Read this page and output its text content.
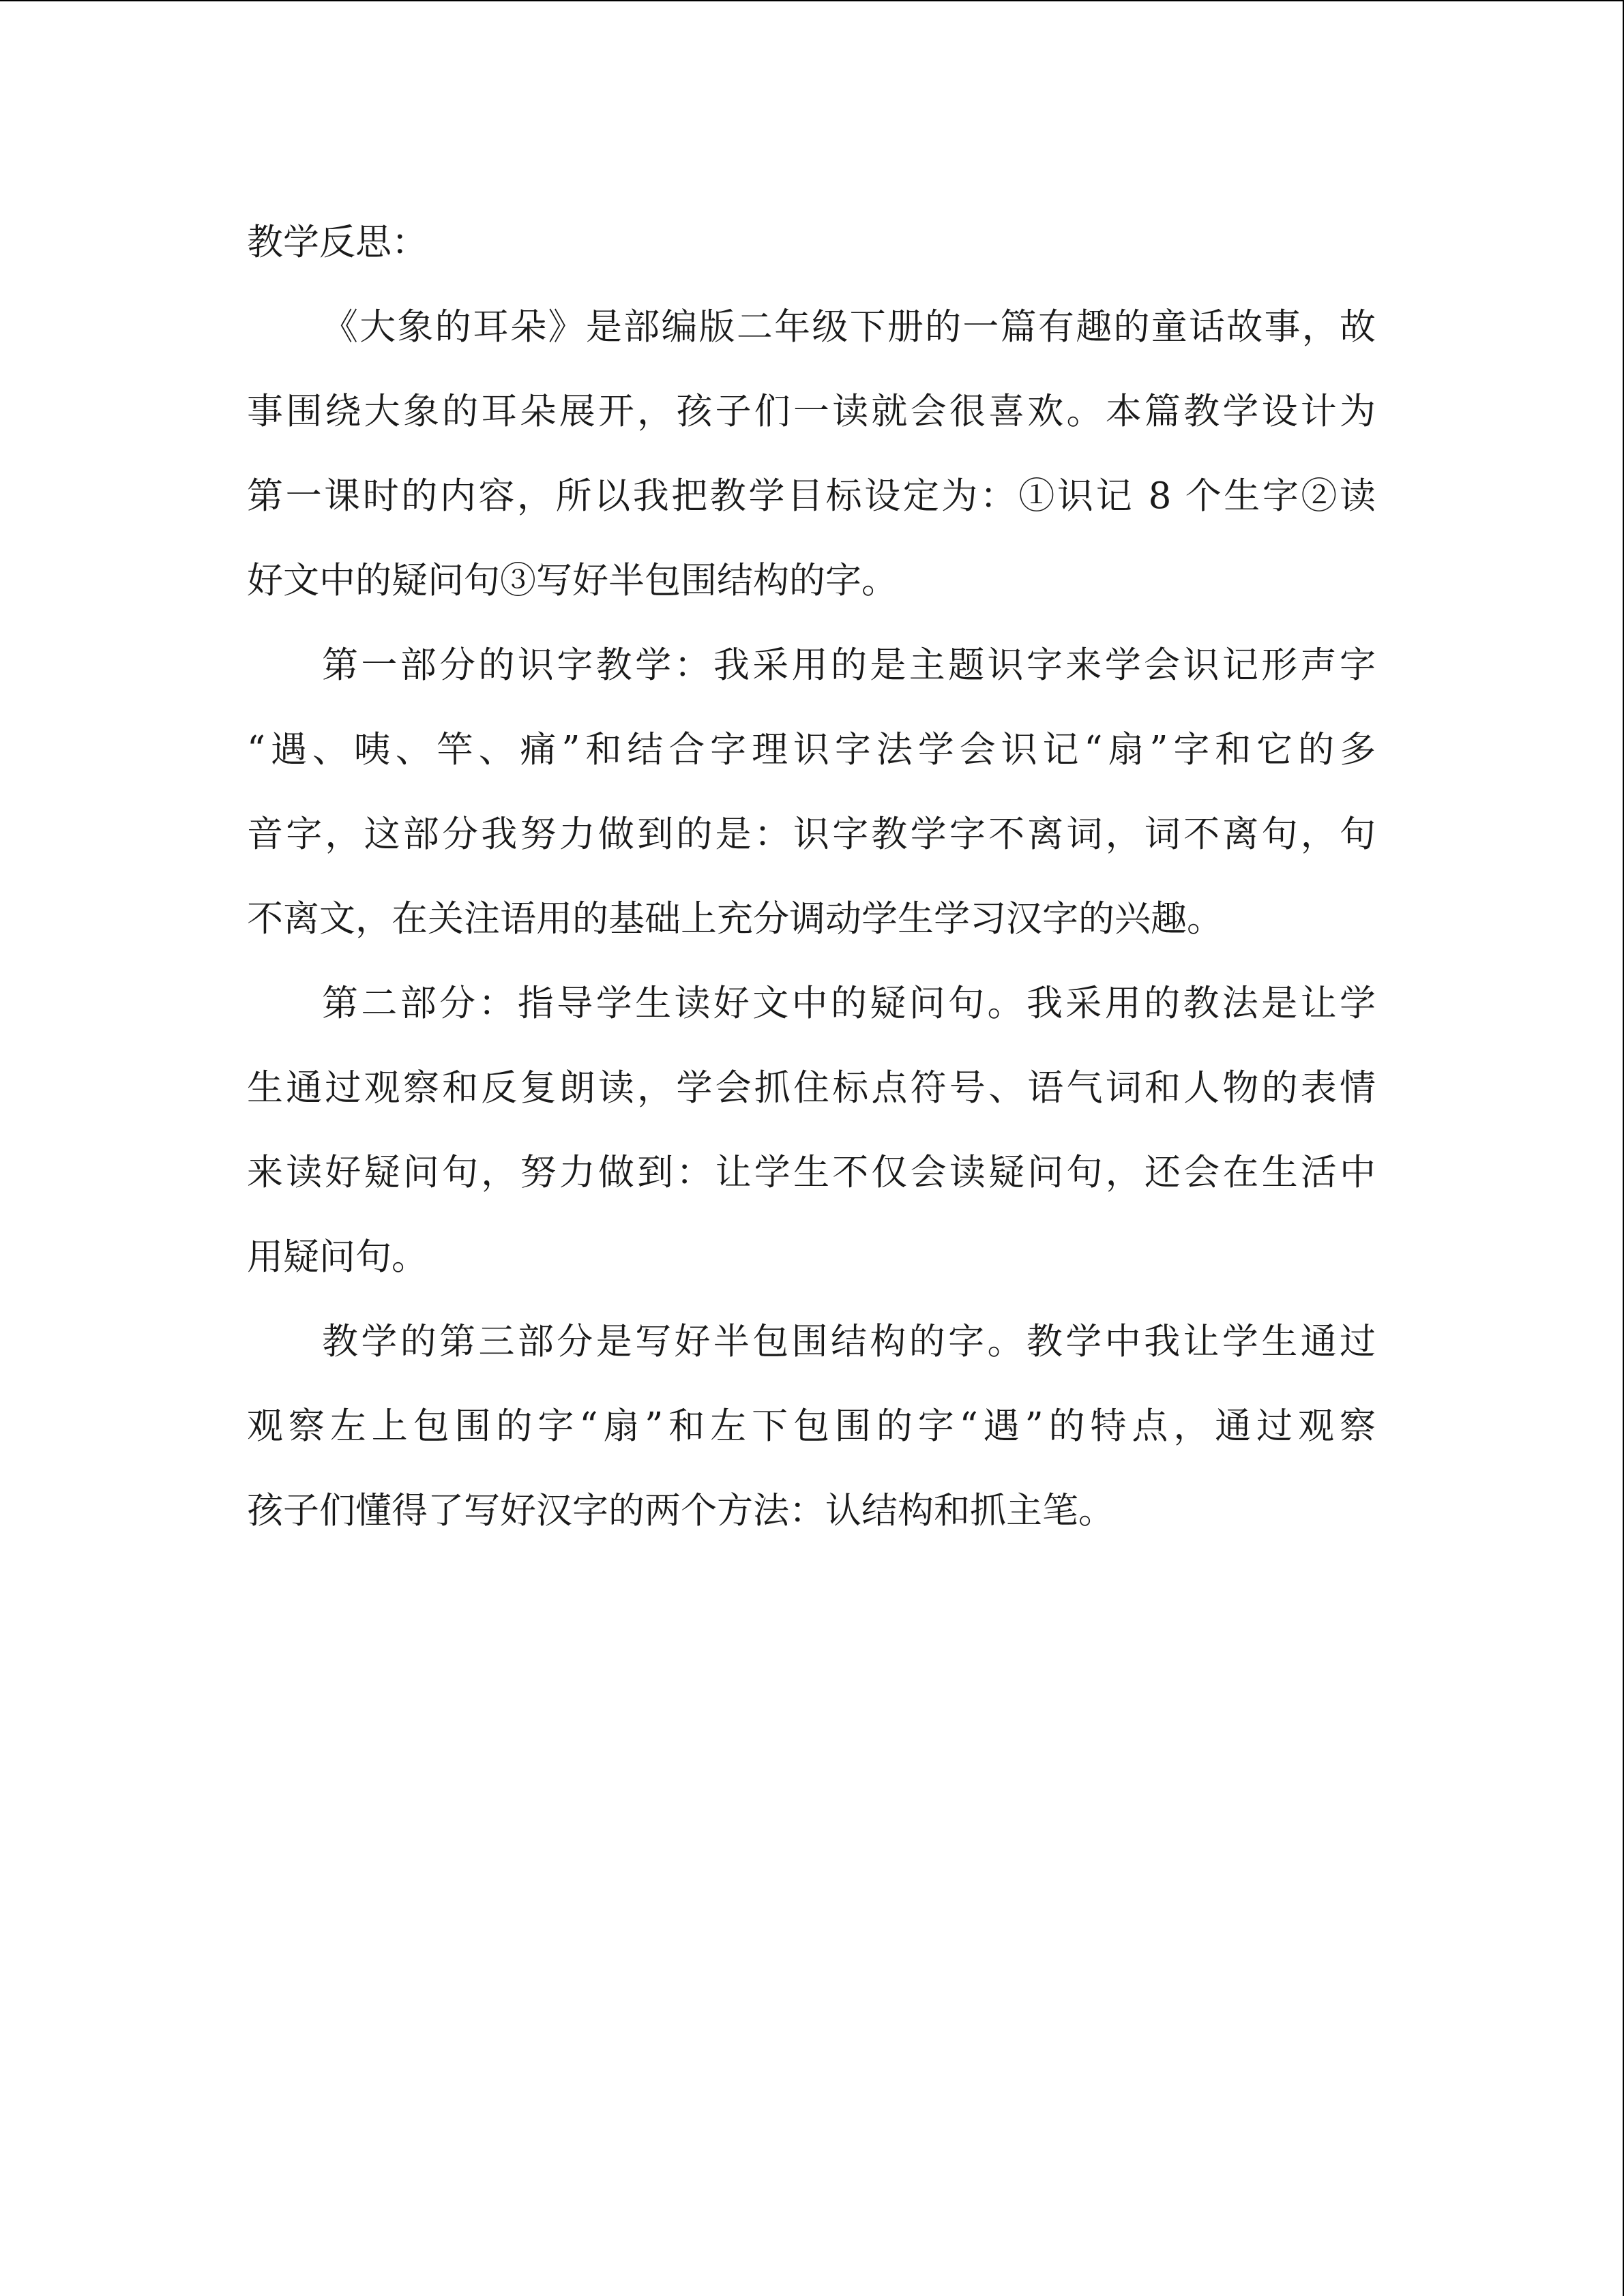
教学反思：

《大象的耳朵》是部编版二年级下册的一篇有趣的童话故事，故
事围绕大象的耳朵展开，孩子们一读就会很喜欢。本篇教学设计为
第一课时的内容，所以我把教学目标设定为：①识记 8 个生字②读
好文中的疑问句③写好半包围结构的字。

第一部分的识字教学：我采用的是主题识字来学会识记形声字
“遇、咦、竿、痛”和结合字理识字法学会识记“扇”字和它的多
音字，这部分我努力做到的是：识字教学字不离词，词不离句，句
不离文，在关注语用的基础上充分调动学生学习汉字的兴趣。

第二部分：指导学生读好文中的疑问句。我采用的教法是让学
生通过观察和反复朗读，学会抓住标点符号、语气词和人物的表情
来读好疑问句，努力做到：让学生不仅会读疑问句，还会在生活中
用疑问句。

教学的第三部分是写好半包围结构的字。教学中我让学生通过
观察左上包围的字“扇”和左下包围的字“遇”的特点，通过观察
孩子们懂得了写好汉字的两个方法：认结构和抓主笔。
